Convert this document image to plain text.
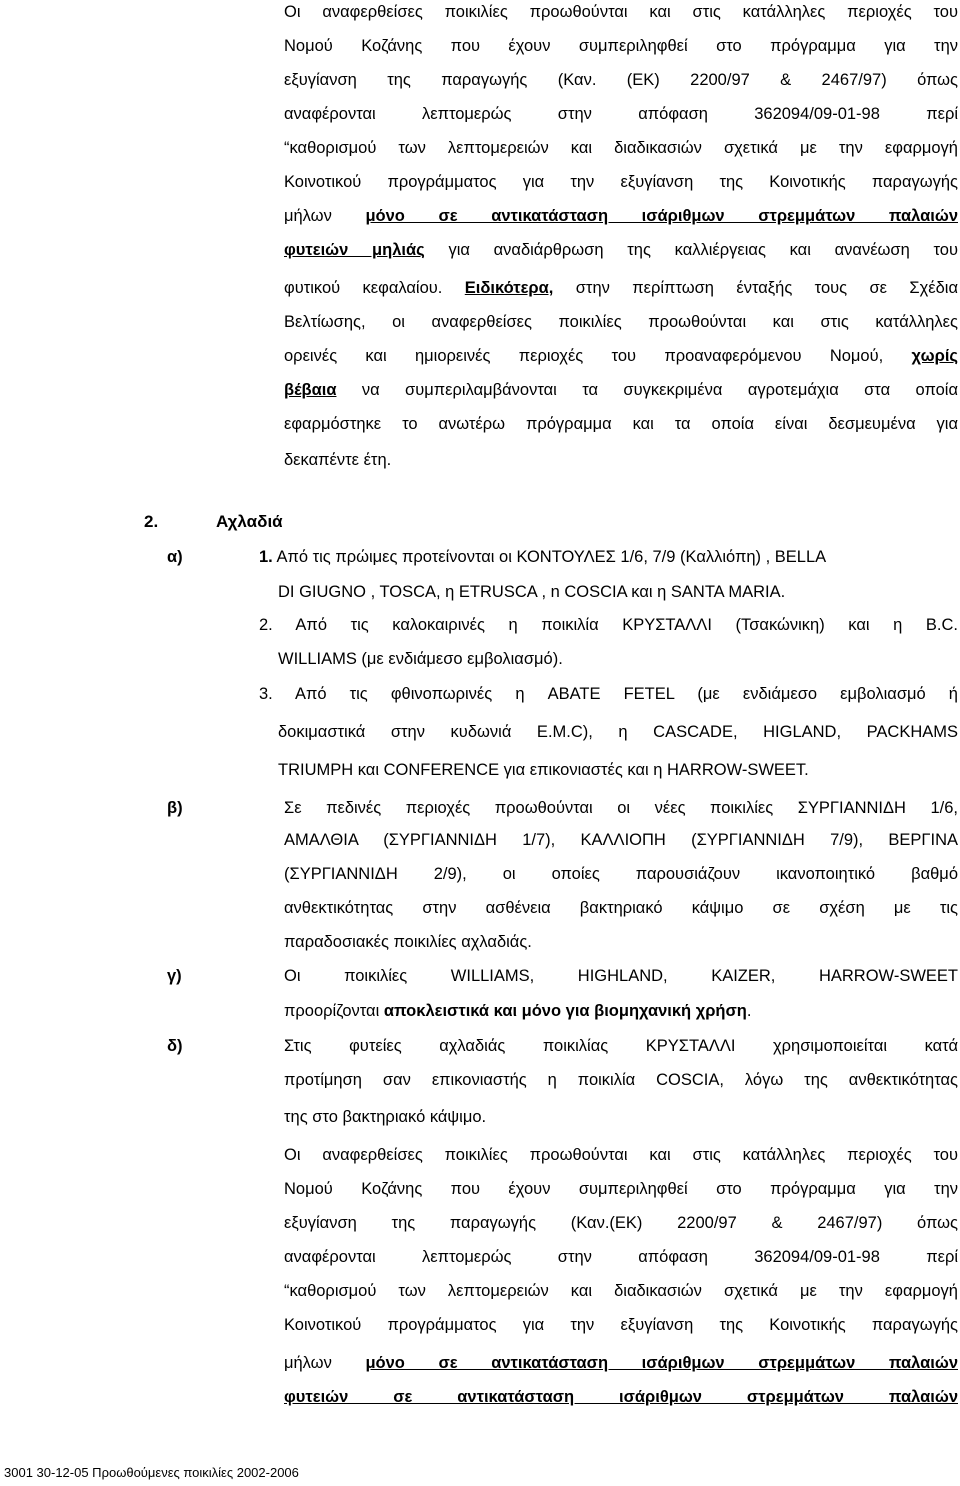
Οι αναφερθείσες ποικιλίες προωθούνται και στις κατάλληλες περιοχές του
Νομού Κοζάνης που έχουν συμπεριληφθεί στο πρόγραμμα για την
εξυγίανση της παραγωγής (Καν. (ΕΚ) 2200/97 & 2467/97) όπως
αναφέρονται λεπτομερώς στην απόφαση 362094/09-01-98 περί
“καθορισμού των λεπτομερειών και διαδικασιών σχετικά με την εφαρμογή
Κοινοτικού προγράμματος για την εξυγίανση της Κοινοτικής παραγωγής
μήλων μόνο σε αντικατάσταση ισάριθμων στρεμμάτων παλαιών
φυτειών μηλιάς για αναδιάρθρωση της καλλιέργειας και ανανέωση του
φυτικού κεφαλαίου. Ειδικότερα, στην περίπτωση ένταξής τους σε Σχέδια
Βελτίωσης, οι αναφερθείσες ποικιλίες προωθούνται και στις κατάλληλες
ορεινές και ημιορεινές περιοχές του προαναφερόμενου Νομού, χωρίς
βέβαια να συμπεριλαμβάνονται τα συγκεκριμένα αγροτεμάχια στα οποία
εφαρμόστηκε το ανωτέρω πρόγραμμα και τα οποία είναι δεσμευμένα για
δεκαπέντε έτη.
2.	Αχλαδιά
α)	1. Από τις πρώιμες προτείνονται οι ΚΟΝΤΟΥΛΕΣ 1/6, 7/9 (Καλλιόπη) , BELLA
DI GIUGNO , TOSCA, η ETRUSCA , n COSCIA και η SANTA MARIA.
2. Από τις καλοκαιρινές η ποικιλία ΚΡΥΣΤΑΛΛΙ (Τσακώνικη) και η B.C.
WILLIAMS (με ενδιάμεσο εμβολιασμό).
3. Από τις φθινοπωρινές η ABATE FETEL (με ενδιάμεσο εμβολιασμό ή
δοκιμαστικά στην κυδωνιά E.M.C), η CASCADE, HIGLAND, PACKHAMS
TRIUMPH και CONFERENCE για επικονιαστές και η HARROW-SWEET.
β)	Σε πεδινές περιοχές προωθούνται οι νέες ποικιλίες ΣΥΡΓΙΑΝΝΙΔΗ 1/6,
ΑΜΑΛΘΙΑ (ΣΥΡΓΙΑΝΝΙΔΗ 1/7), ΚΑΛΛΙΟΠΗ (ΣΥΡΓΙΑΝΝΙΔΗ 7/9), ΒΕΡΓΙΝΑ
(ΣΥΡΓΙΑΝΝΙΔΗ 2/9), οι οποίες παρουσιάζουν ικανοποιητικό βαθμό
ανθεκτικότητας στην ασθένεια βακτηριακό κάψιμο σε σχέση με τις
παραδοσιακές ποικιλίες αχλαδιάς.
γ)	Οι ποικιλίες WILLIAMS, HIGHLAND, KAIZER, HARROW-SWEET
προορίζονται αποκλειστικά και μόνο για βιομηχανική χρήση.
δ)	Στις φυτείες αχλαδιάς ποικιλίας ΚΡΥΣΤΑΛΛΙ χρησιμοποιείται κατά
προτίμηση σαν επικονιαστής η ποικιλία COSCIA, λόγω της ανθεκτικότητας
της στο βακτηριακό κάψιμο.
Οι αναφερθείσες ποικιλίες προωθούνται και στις κατάλληλες περιοχές του
Νομού Κοζάνης που έχουν συμπεριληφθεί στο πρόγραμμα για την
εξυγίανση της παραγωγής (Καν.(ΕΚ) 2200/97 & 2467/97) όπως
αναφέρονται λεπτομερώς στην απόφαση 362094/09-01-98 περί
“καθορισμού των λεπτομερειών και διαδικασιών σχετικά με την εφαρμογή
Κοινοτικού προγράμματος για την εξυγίανση της Κοινοτικής παραγωγής
μήλων μόνο σε αντικατάσταση ισάριθμων στρεμμάτων παλαιών
φυτειών σε αντικατάσταση ισάριθμων στρεμμάτων παλαιών
3001 30-12-05 Προωθούμενες ποικιλίες 2002-2006
